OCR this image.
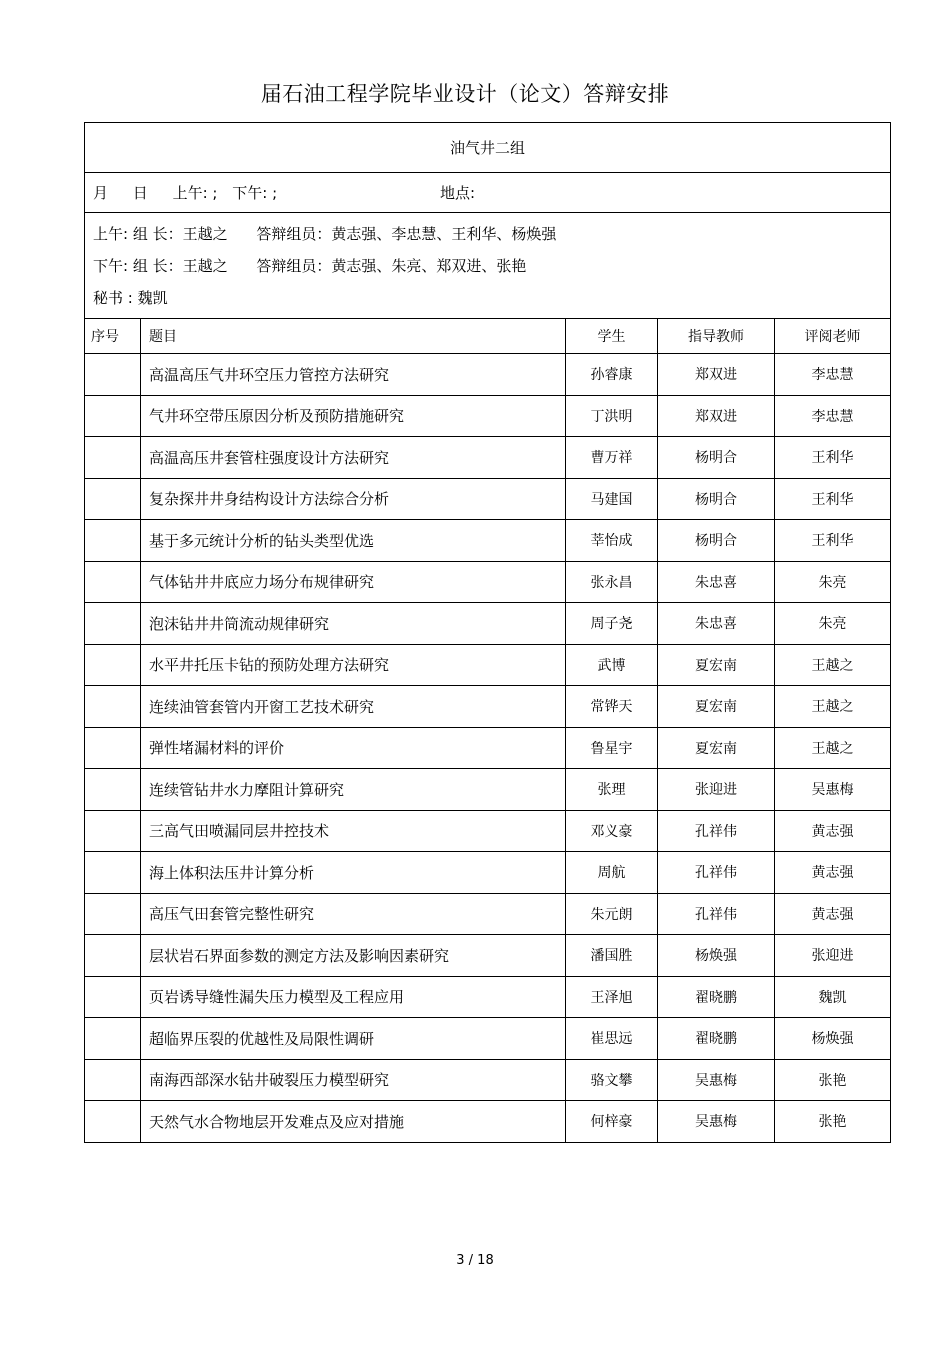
届石油工程学院毕业设计（论文）答辩安排
油气井二组				
月 日 上午: ; 下午: ; 地点:				

上午: 组 长：王越之 答辩组员：黄志强、李忠慧、王利华、杨焕强
下午: 组 长：王越之 答辩组员：黄志强、朱亮、郑双进、张艳
秘书 : 魏凯				

序号	题目	学生	指导教师	评阅老师
	高温高压气井环空压力管控方法研究	孙睿康	郑双进	李忠慧
	气井环空带压原因分析及预防措施研究	丁洪明	郑双进	李忠慧
	高温高压井套管柱强度设计方法研究	曹万祥	杨明合	王利华
	复杂探井井身结构设计方法综合分析	马建国	杨明合	王利华
	基于多元统计分析的钻头类型优选	莘怡成	杨明合	王利华
	气体钻井井底应力场分布规律研究	张永昌	朱忠喜	朱亮
	泡沫钻井井筒流动规律研究	周子尧	朱忠喜	朱亮
	水平井托压卡钻的预防处理方法研究	武博	夏宏南	王越之
	连续油管套管内开窗工艺技术研究	常铧天	夏宏南	王越之
	弹性堵漏材料的评价	鲁星宇	夏宏南	王越之
	连续管钻井水力摩阻计算研究	张理	张迎进	吴惠梅
	三高气田喷漏同层井控技术	邓义豪	孔祥伟	黄志强
	海上体积法压井计算分析	周航	孔祥伟	黄志强
	高压气田套管完整性研究	朱元朗	孔祥伟	黄志强
	层状岩石界面参数的测定方法及影响因素研究	潘国胜	杨焕强	张迎进
	页岩诱导缝性漏失压力模型及工程应用	王泽旭	翟晓鹏	魏凯
	超临界压裂的优越性及局限性调研	崔思远	翟晓鹏	杨焕强
	南海西部深水钻井破裂压力模型研究	骆文攀	吴惠梅	张艳
	天然气水合物地层开发难点及应对措施	何梓豪	吴惠梅	张艳
3 / 18
